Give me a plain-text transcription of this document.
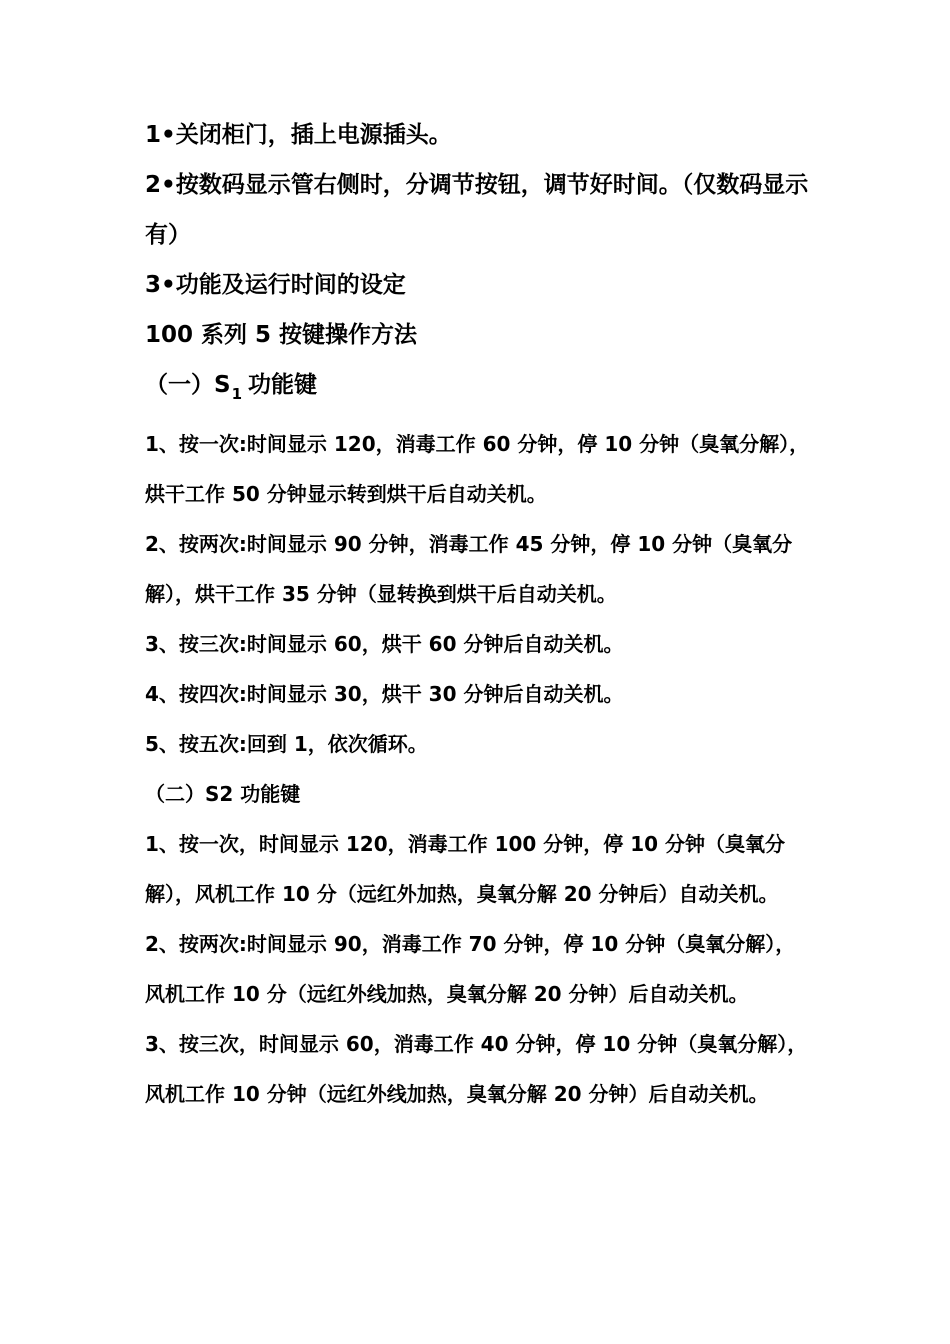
1•关闭柜门，插上电源插头。

2•按数码显示管右侧时，分调节按钮，调节好时间。（仅数码显示有）

3•功能及运行时间的设定

100 系列 5 按键操作方法

（一）$S_1$ 功能键

1、按一次:时间显示 120，消毒工作 60 分钟，停 10 分钟（臭氧分解），烘干工作 50 分钟显示转到烘干后自动关机。

2、按两次:时间显示 90 分钟，消毒工作 45 分钟，停 10 分钟（臭氧分解），烘干工作 35 分钟（显转换到烘干后自动关机。

3、按三次:时间显示 60，烘干 60 分钟后自动关机。

4、按四次:时间显示 30，烘干 30 分钟后自动关机。

5、按五次:回到 1，依次循环。

（二）S2 功能键

1、按一次，时间显示 120，消毒工作 100 分钟，停 10 分钟（臭氧分解），风机工作 10 分（远红外加热，臭氧分解 20 分钟后）自动关机。

2、按两次:时间显示 90，消毒工作 70 分钟，停 10 分钟（臭氧分解），风机工作 10 分（远红外线加热，臭氧分解 20 分钟）后自动关机。

3、按三次，时间显示 60，消毒工作 40 分钟，停 10 分钟（臭氧分解），风机工作 10 分钟（远红外线加热，臭氧分解 20 分钟）后自动关机。
